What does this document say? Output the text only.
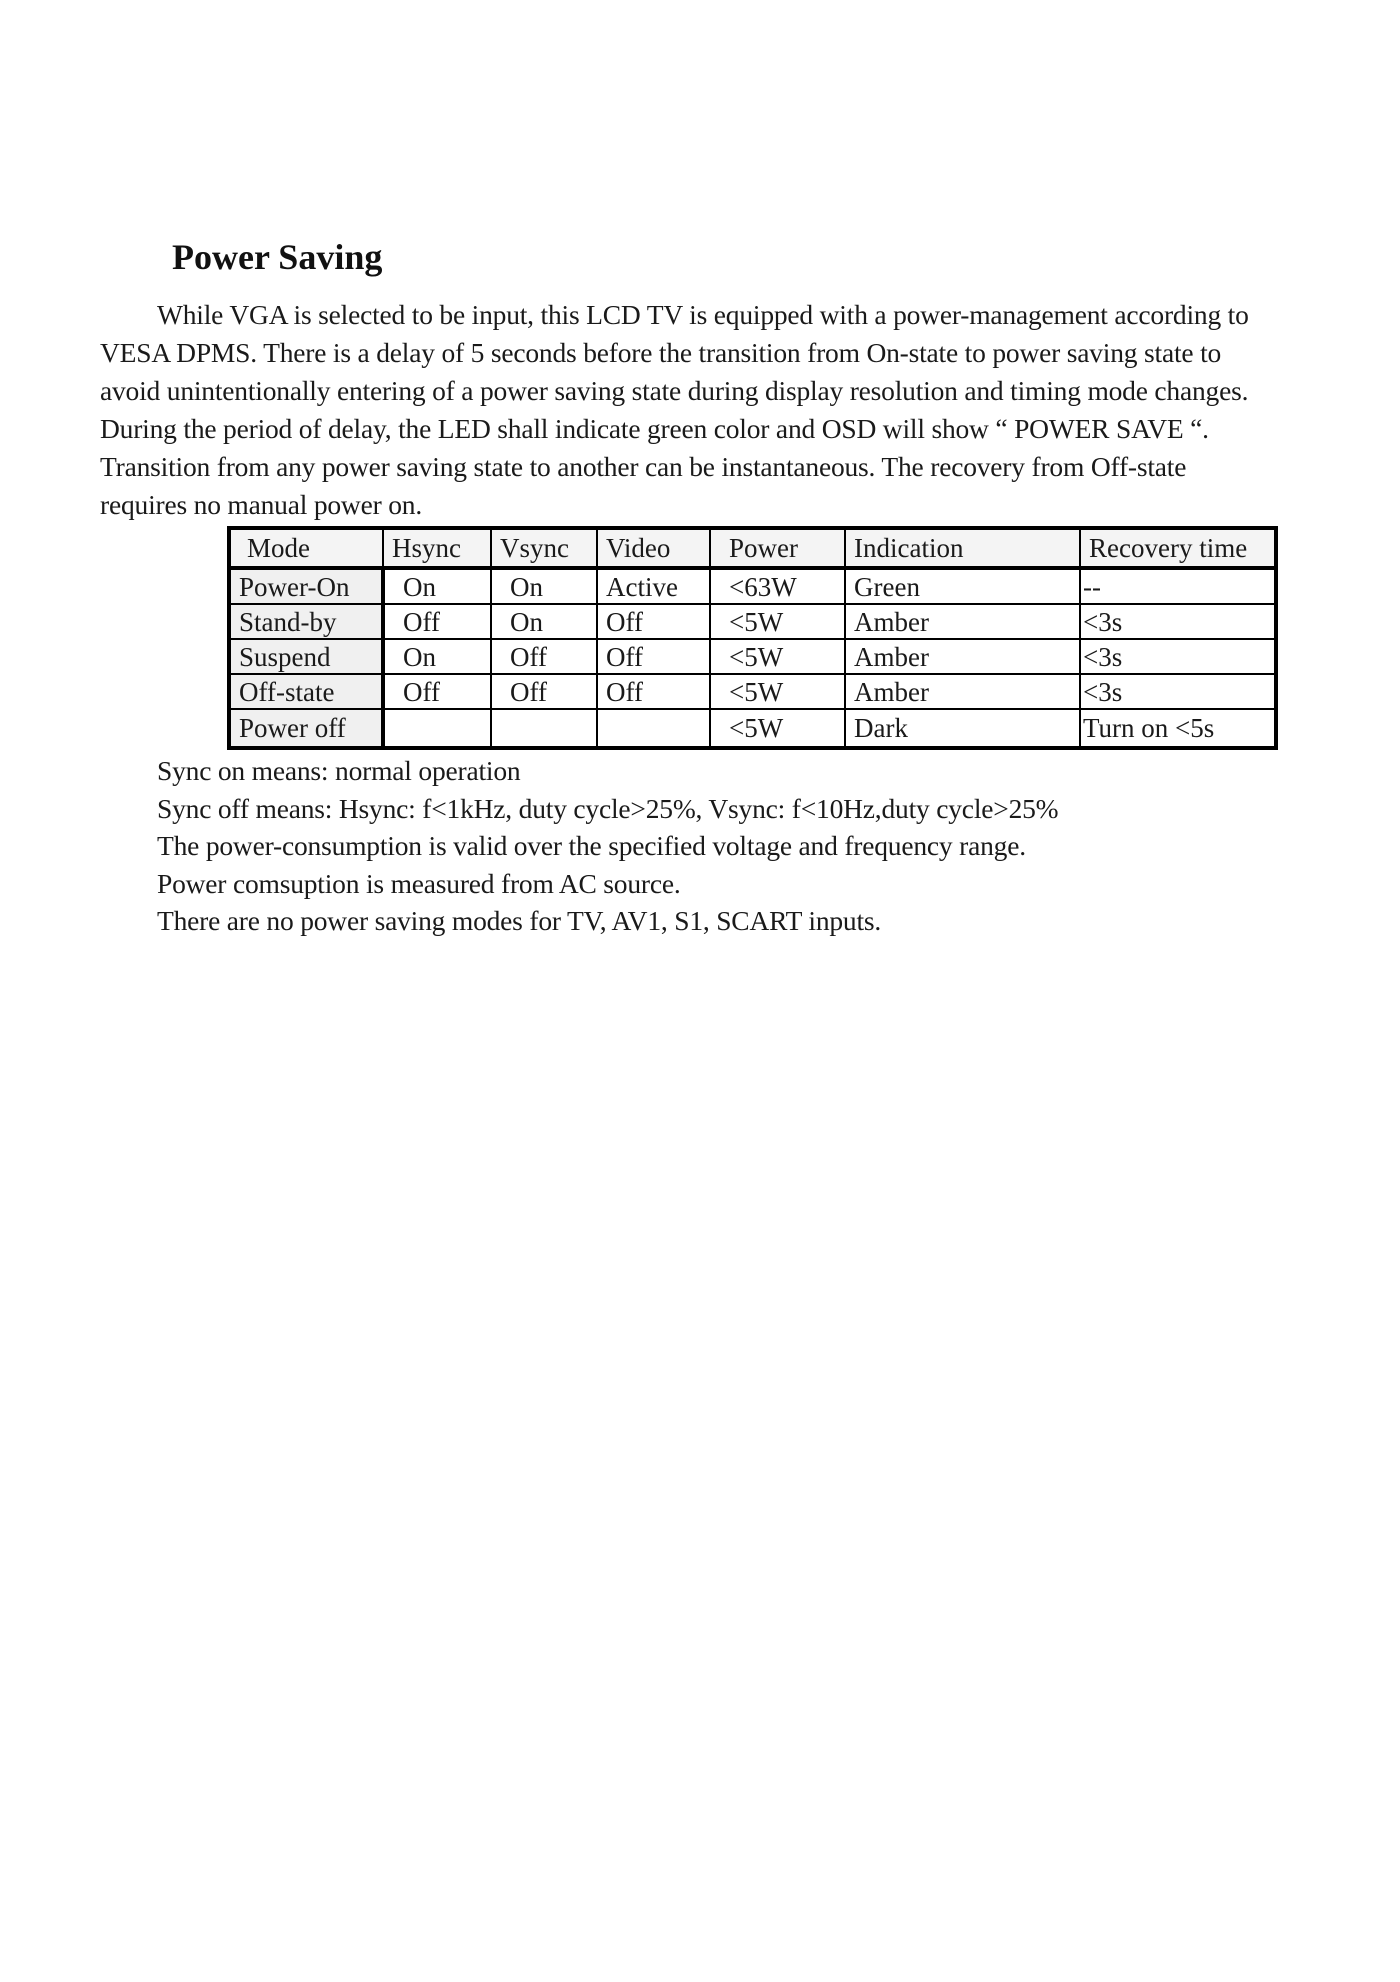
Power Saving
While VGA is selected to be input, this LCD TV is equipped with a power-management according to
VESA DPMS. There is a delay of 5 seconds before the transition from On-state to power saving state to
avoid unintentionally entering of a power saving state during display resolution and timing mode changes.
During the period of delay, the LED shall indicate green color and OSD will show “ POWER SAVE “.
Transition from any power saving state to another can be instantaneous. The recovery from Off-state
requires no manual power on.
Mode	Hsync	Vsync	Video	Power	Indication	Recovery time
Power-On	On	On	Active	<63W	Green	--
Stand-by	Off	On	Off	<5W	Amber	<3s
Suspend	On	Off	Off	<5W	Amber	<3s
Off-state	Off	Off	Off	<5W	Amber	<3s
Power off				<5W	Dark	Turn on <5s
Sync on means: normal operation
Sync off means: Hsync: f<1kHz, duty cycle>25%, Vsync: f<10Hz,duty cycle>25%
The power-consumption is valid over the specified voltage and frequency range.
Power comsuption is measured from AC source.
There are no power saving modes for TV, AV1, S1, SCART inputs.
